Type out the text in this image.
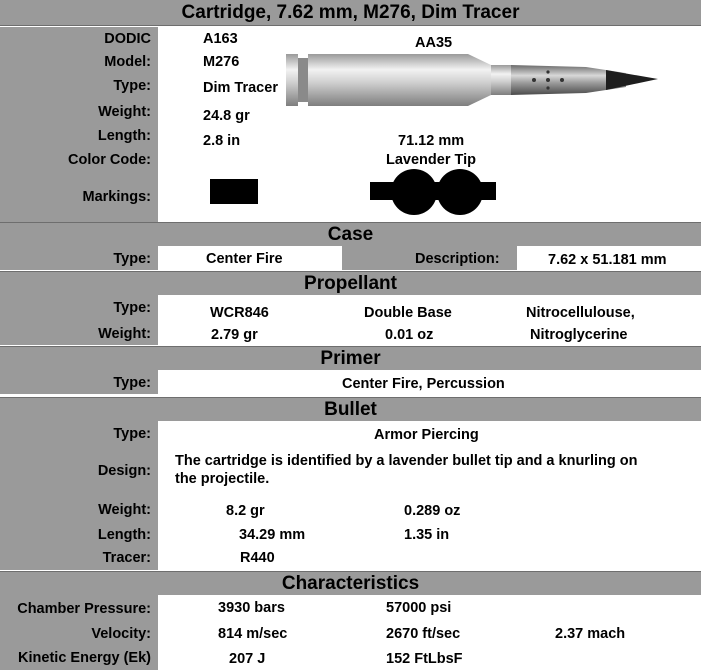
Cartridge, 7.62 mm, M276, Dim Tracer
DODIC	A163	AA35
Model:	M276
Type:	Dim Tracer
Weight:	24.8 gr
Length:	2.8 in	71.12 mm
Color Code:	Lavender Tip
Markings:
Case
Type:	Center Fire	Description:	7.62 x 51.181 mm
Propellant
Type:	WCR846	Double Base	Nitrocellulouse,
Weight:	2.79 gr	0.01 oz	Nitroglycerine
Primer
Type:	Center Fire, Percussion
Bullet
Type:	Armor Piercing
Design:
The cartridge is identified by a lavender bullet tip and a knurling on
the projectile.
Weight:	8.2 gr	0.289 oz
Length:	34.29 mm	1.35 in
Tracer:	R440
Characteristics
Chamber Pressure:	3930 bars	57000 psi
Velocity:	814 m/sec	2670 ft/sec	2.37 mach
Kinetic Energy (Ek)	207 J	152 FtLbsF
